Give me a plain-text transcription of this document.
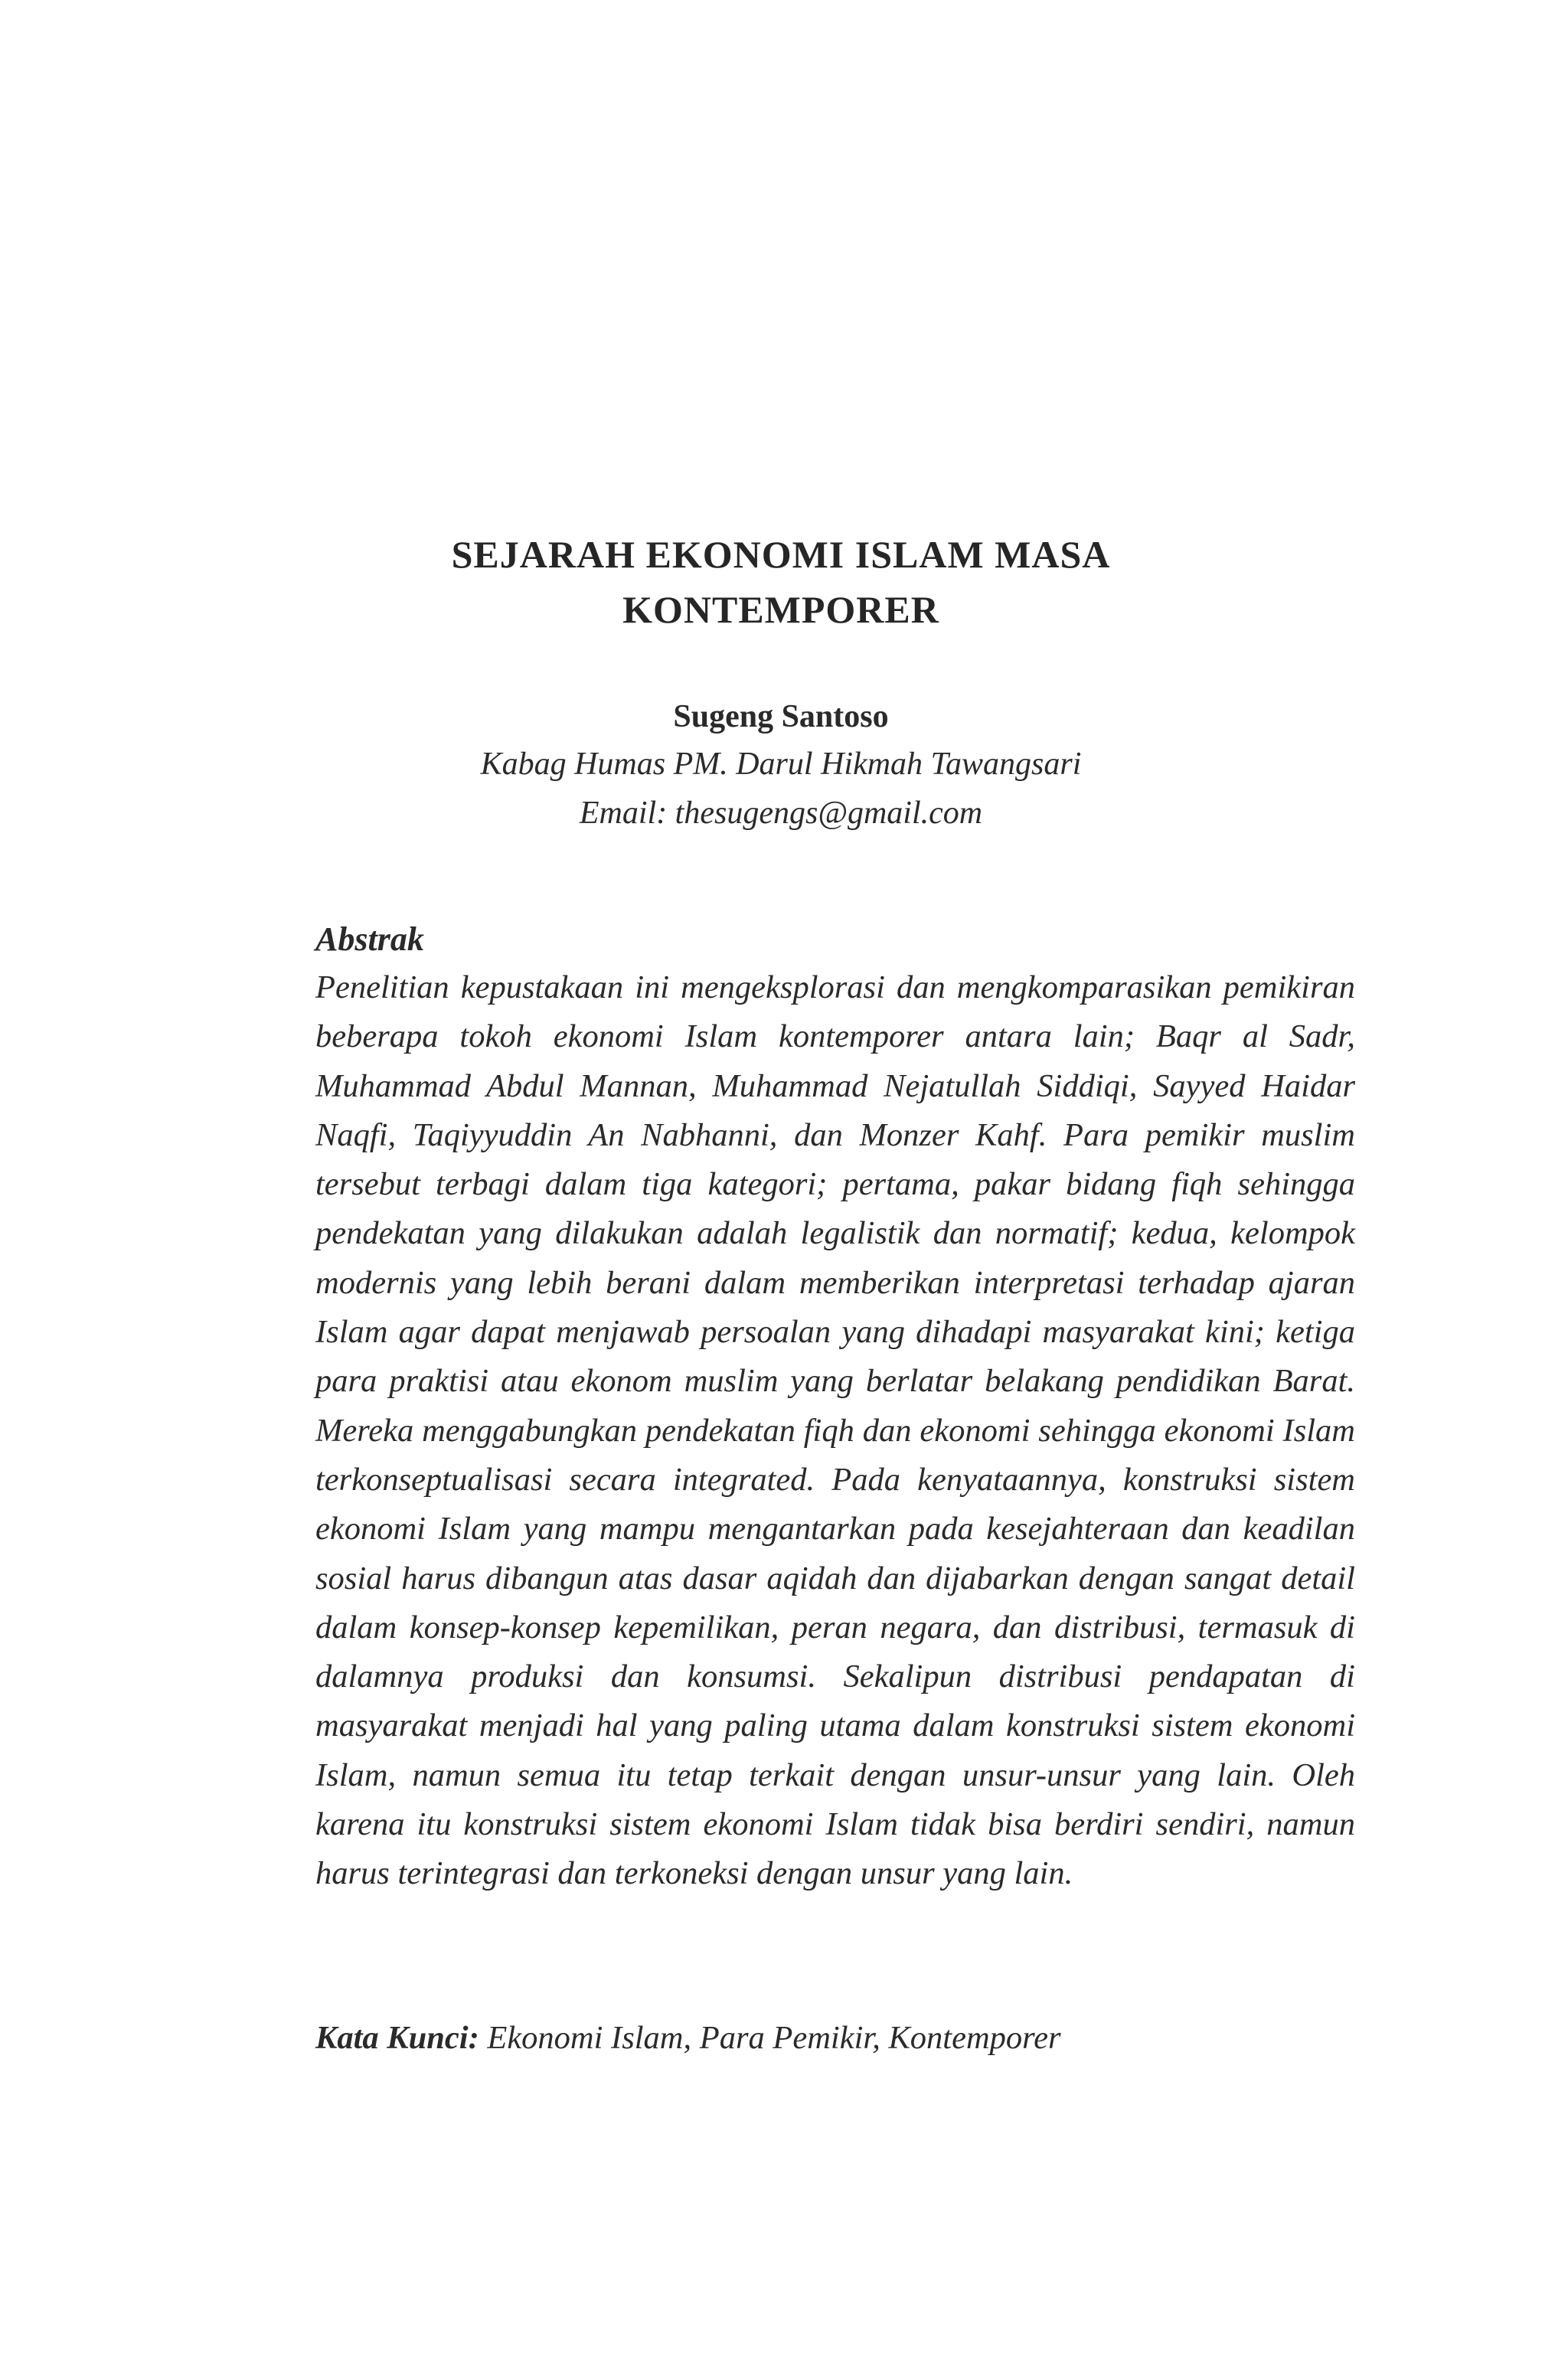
SEJARAH EKONOMI ISLAM MASA
KONTEMPORER
Sugeng Santoso
Kabag Humas PM. Darul Hikmah Tawangsari
Email: thesugengs@gmail.com
Abstrak

Penelitian kepustakaan ini mengeksplorasi dan mengkomparasikan pemikiran beberapa tokoh ekonomi Islam kontemporer antara lain; Baqr al Sadr, Muhammad Abdul Mannan, Muhammad Nejatullah Siddiqi, Sayyed Haidar Naqfi, Taqiyyuddin An Nabhanni, dan Monzer Kahf. Para pemikir muslim tersebut terbagi dalam tiga kategori; pertama, pakar bidang fiqh sehingga pendekatan yang dilakukan adalah legalistik dan normatif; kedua, kelompok modernis yang lebih berani dalam memberikan interpretasi terhadap ajaran Islam agar dapat menjawab persoalan yang dihadapi masyarakat kini; ketiga para praktisi atau ekonom muslim yang berlatar belakang pendidikan Barat. Mereka menggabungkan pendekatan fiqh dan ekonomi sehingga ekonomi Islam terkonseptualisasi secara integrated. Pada kenyataannya, konstruksi sistem ekonomi Islam yang mampu mengantarkan pada kesejahteraan dan keadilan sosial harus dibangun atas dasar aqidah dan dijabarkan dengan sangat detail dalam konsep-konsep kepemilikan, peran negara, dan distribusi, termasuk di dalamnya produksi dan konsumsi. Sekalipun distribusi pendapatan di masyarakat menjadi hal yang paling utama dalam konstruksi sistem ekonomi Islam, namun semua itu tetap terkait dengan unsur-unsur yang lain. Oleh karena itu konstruksi sistem ekonomi Islam tidak bisa berdiri sendiri, namun harus terintegrasi dan terkoneksi dengan unsur yang lain.

Kata Kunci: Ekonomi Islam, Para Pemikir, Kontemporer
